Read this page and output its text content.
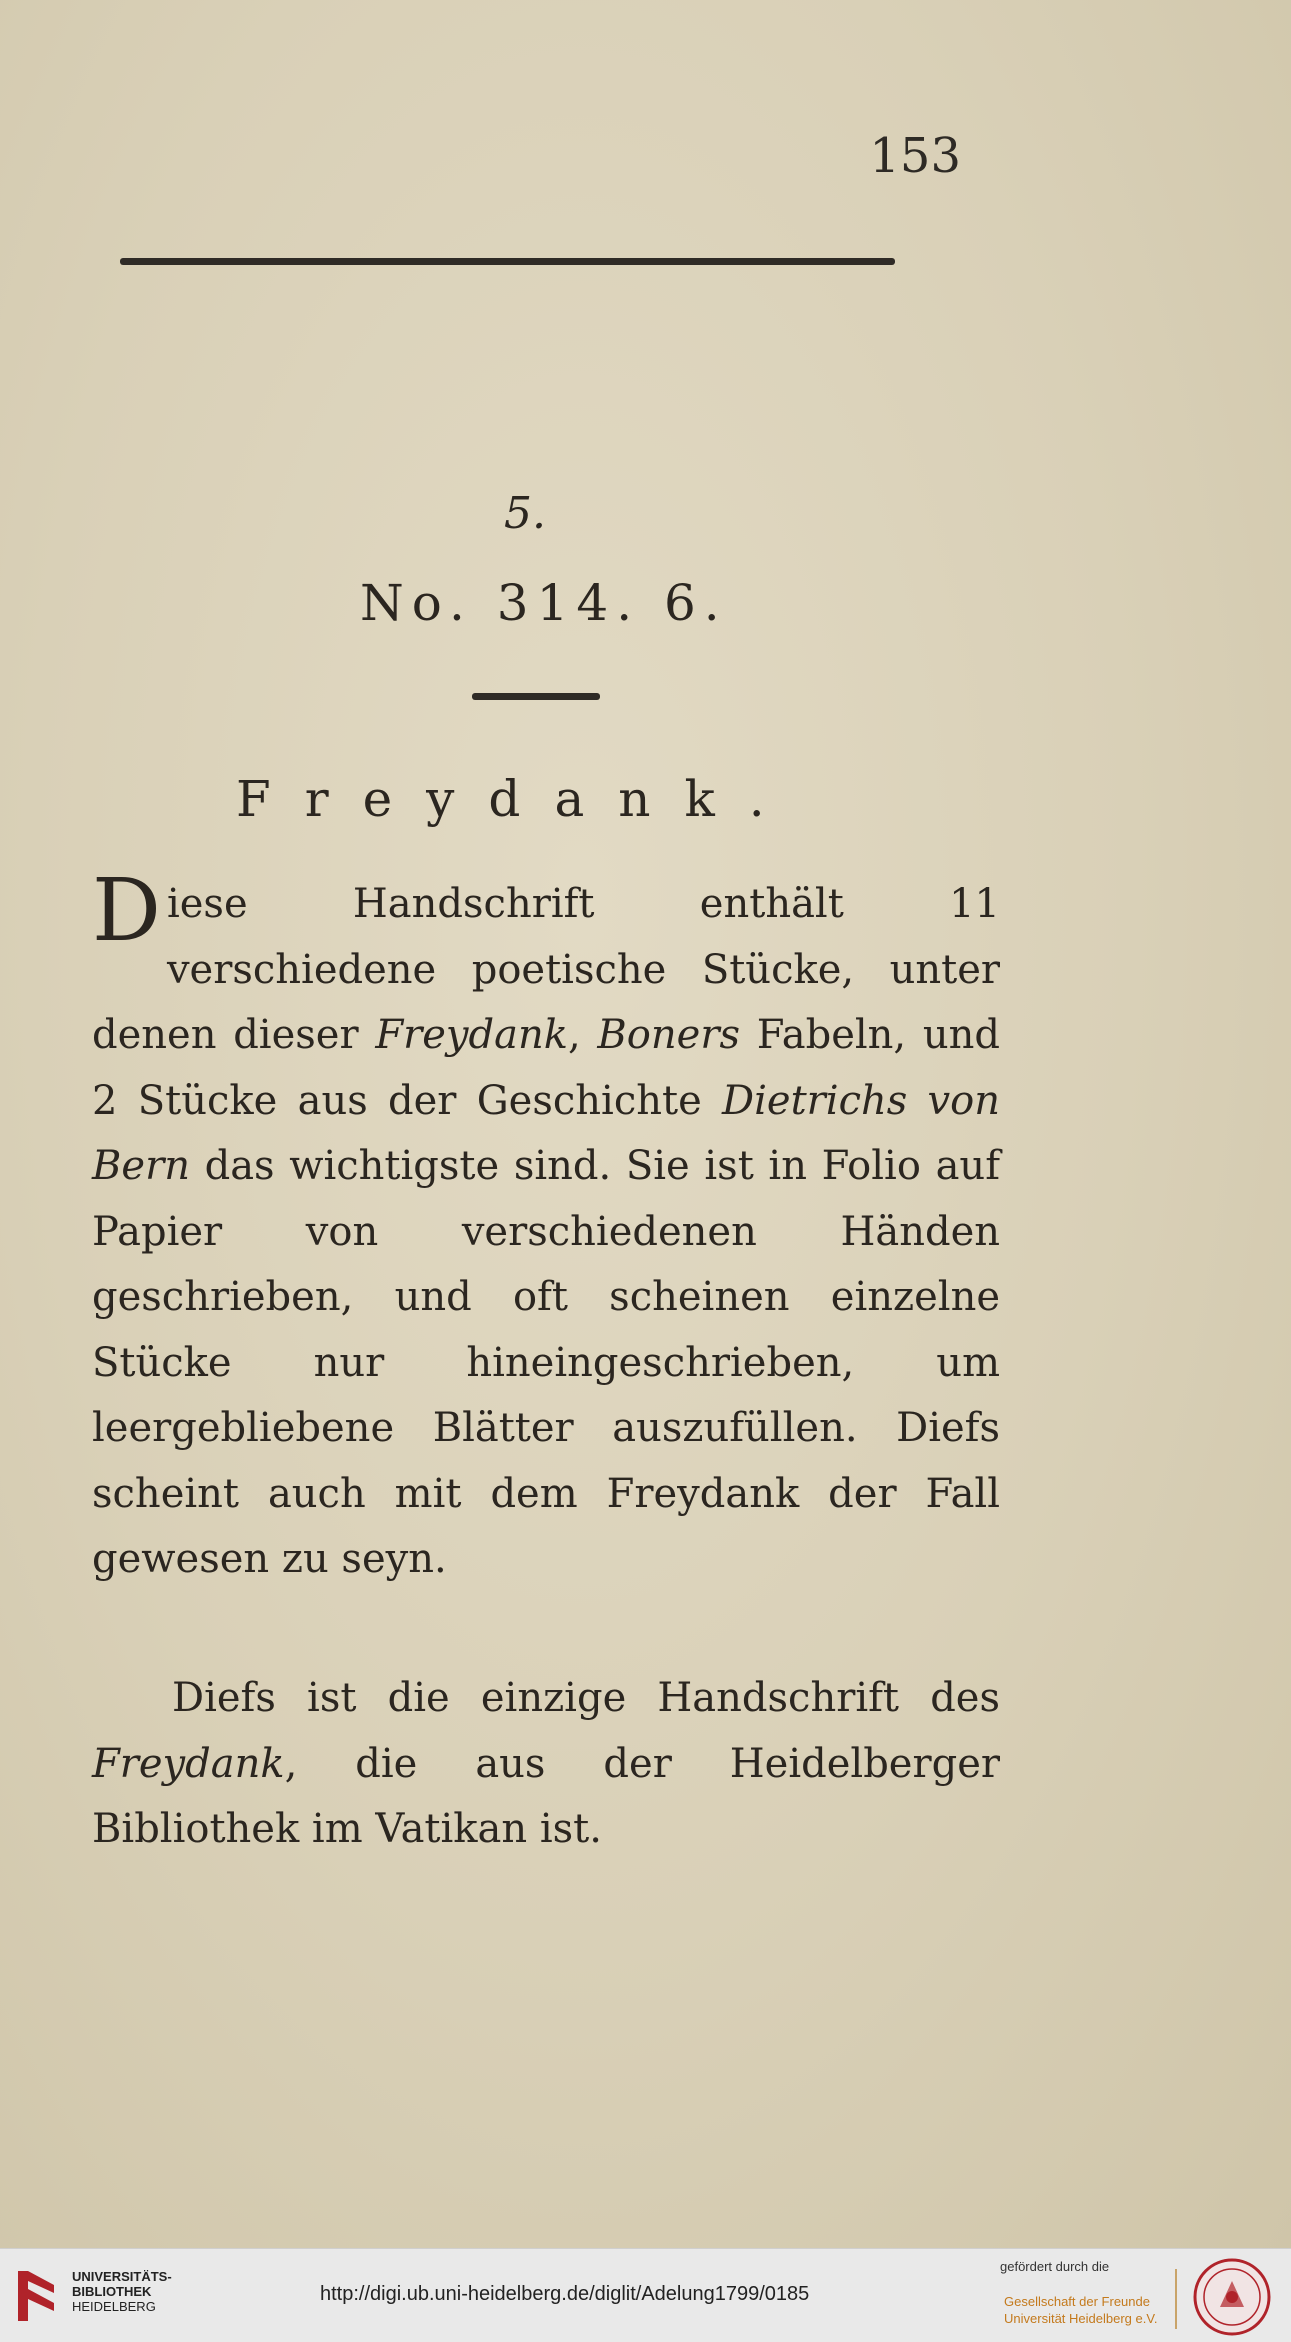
153
5.
No. 314. 6.
Freydank.
Diese Handschrift enthält 11 verschiedene poetische Stücke, unter denen dieser Freydank, Boners Fabeln, und 2 Stücke aus der Geschichte Dietrichs von Bern das wichtigste sind. Sie ist in Folio auf Papier von verschiedenen Händen geschrieben, und oft scheinen einzelne Stücke nur hineingeschrieben, um leergebliebene Blätter auszufüllen. Diefs scheint auch mit dem Freydank der Fall gewesen zu seyn.
Diefs ist die einzige Handschrift des Freydank, die aus der Heidelberger Bibliothek im Vatikan ist.
UNIVERSITÄTS-
BIBLIOTHEK
HEIDELBERG
http://digi.ub.uni-heidelberg.de/diglit/Adelung1799/0185
gefördert durch die
Gesellschaft der Freunde
Universität Heidelberg e.V.
